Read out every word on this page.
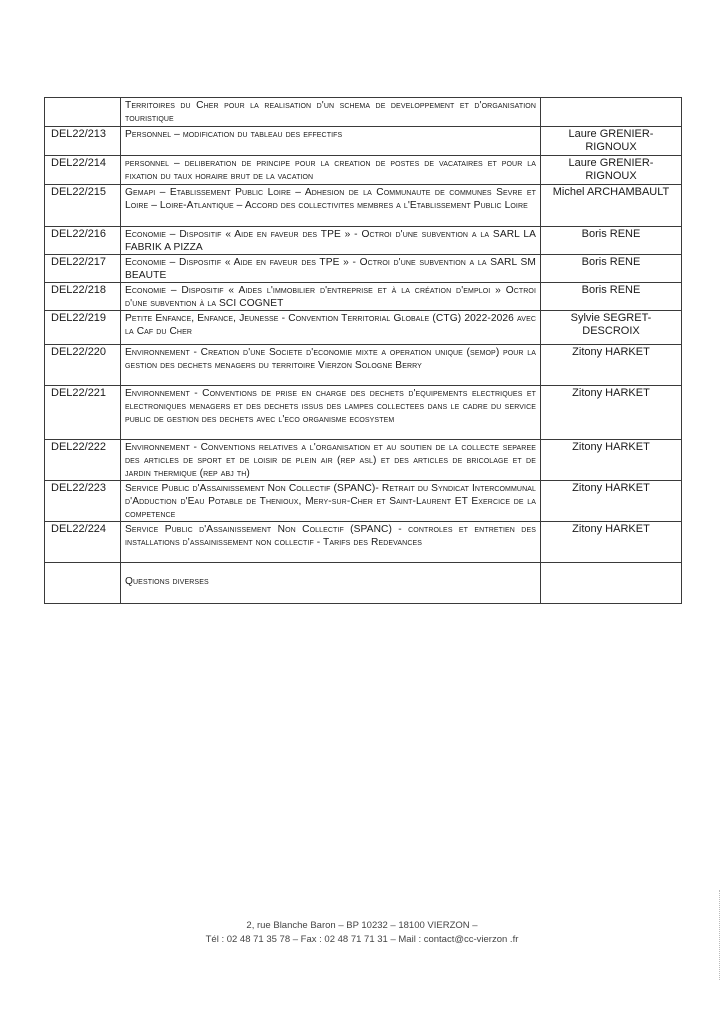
	Territoires du Cher pour la realisation d'un schema de developpement et d'organisation touristique	
DEL22/213	Personnel – modification du tableau des effectifs	Laure GRENIER-RIGNOUX
DEL22/214	personnel – deliberation de principe pour la creation de postes de vacataires et pour la fixation du taux horaire brut de la vacation	Laure GRENIER-RIGNOUX
DEL22/215	Gemapi – Etablissement Public Loire – Adhesion de la Communaute de communes Sevre et Loire – Loire-Atlantique – Accord des collectivites membres a l'Etablissement Public Loire	Michel ARCHAMBAULT
DEL22/216	Economie – Dispositif « Aide en faveur des TPE » - Octroi d'une subvention a la SARL LA FABRIK A PIZZA	Boris RENE
DEL22/217	Economie – Dispositif « Aide en faveur des TPE » - Octroi d'une subvention a la SARL SM BEAUTE	Boris RENE
DEL22/218	Economie – Dispositif « Aides l'immobilier d'entreprise et à la création d'emploi » Octroi d'une subvention à la SCI COGNET	Boris RENE
DEL22/219	Petite Enfance, Enfance, Jeunesse - Convention Territorial Globale (CTG) 2022-2026 avec la Caf du Cher	Sylvie SEGRET-DESCROIX
DEL22/220	Environnement - Creation d'une Societe d'economie mixte a operation unique (semop) pour la gestion des dechets menagers du territoire Vierzon Sologne Berry	Zitony HARKET
DEL22/221	Environnement - Conventions de prise en charge des dechets d'equipements electriques et electroniques menagers et des dechets issus des lampes collectees dans le cadre du service public de gestion des dechets avec l'eco organisme ecosystem	Zitony HARKET
DEL22/222	Environnement - Conventions relatives a l'organisation et au soutien de la collecte separee des articles de sport et de loisir de plein air (rep asl) et des articles de bricolage et de jardin thermique (rep abj th)	Zitony HARKET
DEL22/223	Service Public d'Assainissement Non Collectif (SPANC)- Retrait du Syndicat Intercommunal d'Adduction d'Eau Potable de Thenioux, Mery-sur-Cher et Saint-Laurent ET Exercice de la competence	Zitony HARKET
DEL22/224	Service Public d'Assainissement Non Collectif (SPANC) - controles et entretien des installations d'assainissement non collectif - Tarifs des Redevances	Zitony HARKET
	Questions diverses	
2, rue Blanche Baron – BP 10232 – 18100 VIERZON –
Tél : 02 48 71 35 78 – Fax : 02 48 71 71 31 – Mail : contact@cc-vierzon .fr
